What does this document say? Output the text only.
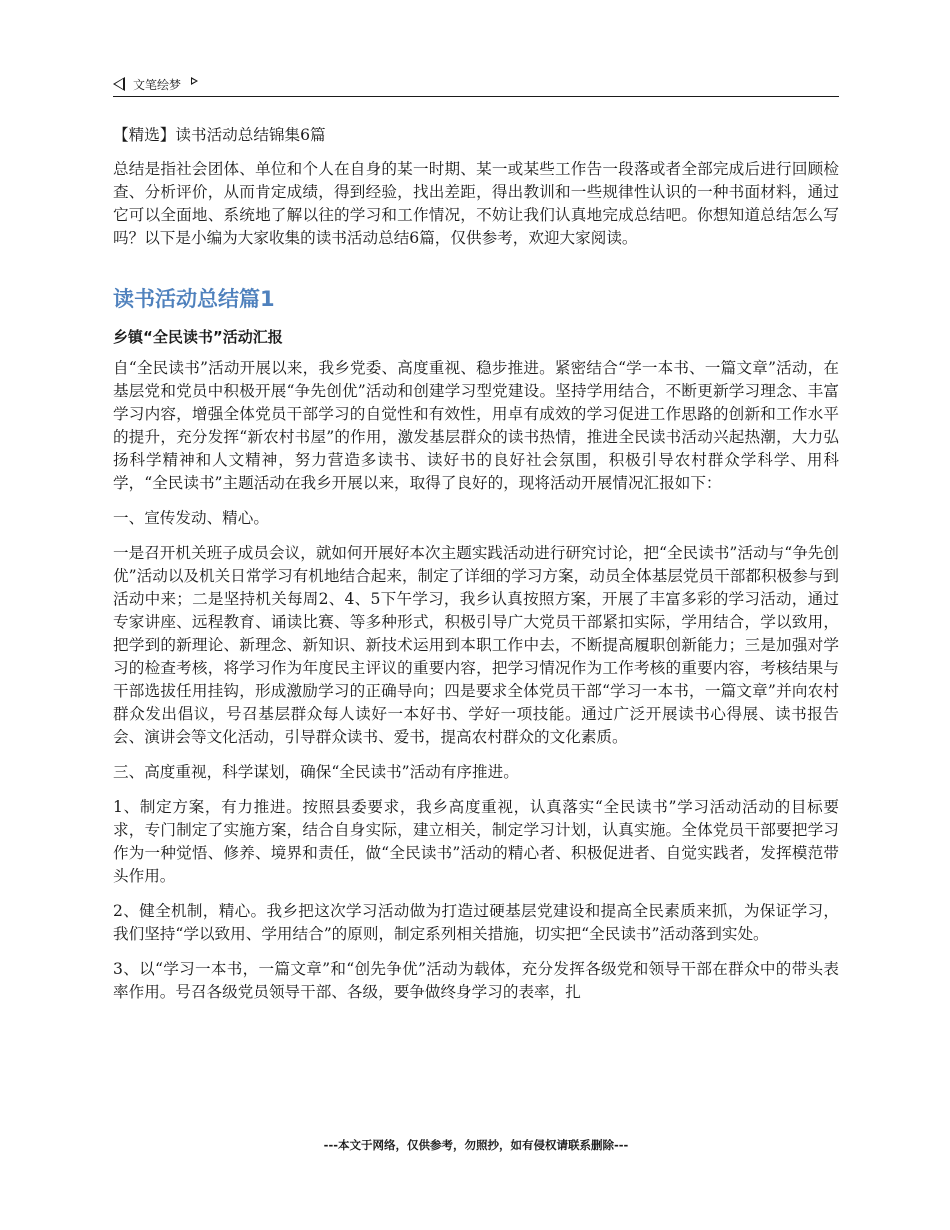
文笔绘梦

【精选】读书活动总结锦集6篇

总结是指社会团体、单位和个人在自身的某一时期、某一或某些工作告一段落或者全部完成后进行回顾检查、分析评价，从而肯定成绩，得到经验，找出差距，得出教训和一些规律性认识的一种书面材料，通过它可以全面地、系统地了解以往的学习和工作情况，不妨让我们认真地完成总结吧。你想知道总结怎么写吗？以下是小编为大家收集的读书活动总结6篇，仅供参考，欢迎大家阅读。

读书活动总结篇1
乡镇“全民读书”活动汇报

自“全民读书”活动开展以来，我乡党委、高度重视、稳步推进。紧密结合“学一本书、一篇文章”活动，在基层党和党员中积极开展“争先创优”活动和创建学习型党建设。坚持学用结合，不断更新学习理念、丰富学习内容，增强全体党员干部学习的自觉性和有效性，用卓有成效的学习促进工作思路的创新和工作水平的提升，充分发挥“新农村书屋”的作用，激发基层群众的读书热情，推进全民读书活动兴起热潮，大力弘扬科学精神和人文精神，努力营造多读书、读好书的良好社会氛围，积极引导农村群众学科学、用科学，“全民读书”主题活动在我乡开展以来，取得了良好的，现将活动开展情况汇报如下：

一、宣传发动、精心。

一是召开机关班子成员会议，就如何开展好本次主题实践活动进行研究讨论，把“全民读书”活动与“争先创优”活动以及机关日常学习有机地结合起来，制定了详细的学习方案，动员全体基层党员干部都积极参与到活动中来；二是坚持机关每周2、4、5下午学习，我乡认真按照方案，开展了丰富多彩的学习活动，通过专家讲座、远程教育、诵读比赛、等多种形式，积极引导广大党员干部紧扣实际，学用结合，学以致用，把学到的新理论、新理念、新知识、新技术运用到本职工作中去，不断提高履职创新能力；三是加强对学习的检查考核，将学习作为年度民主评议的重要内容，把学习情况作为工作考核的重要内容，考核结果与干部选拔任用挂钩，形成激励学习的正确导向；四是要求全体党员干部“学习一本书，一篇文章”并向农村群众发出倡议，号召基层群众每人读好一本好书、学好一项技能。通过广泛开展读书心得展、读书报告会、演讲会等文化活动，引导群众读书、爱书，提高农村群众的文化素质。

三、高度重视，科学谋划，确保“全民读书”活动有序推进。

1、制定方案，有力推进。按照县委要求，我乡高度重视，认真落实“全民读书”学习活动活动的目标要求，专门制定了实施方案，结合自身实际，建立相关，制定学习计划，认真实施。全体党员干部要把学习作为一种觉悟、修养、境界和责任，做“全民读书”活动的精心者、积极促进者、自觉实践者，发挥模范带头作用。

2、健全机制，精心。我乡把这次学习活动做为打造过硬基层党建设和提高全民素质来抓，为保证学习，我们坚持“学以致用、学用结合”的原则，制定系列相关措施，切实把“全民读书”活动落到实处。

3、以“学习一本书，一篇文章”和“创先争优”活动为载体，充分发挥各级党和领导干部在群众中的带头表率作用。号召各级党员领导干部、各级，要争做终身学习的表率，扎

---本文于网络，仅供参考，勿照抄，如有侵权请联系删除---
